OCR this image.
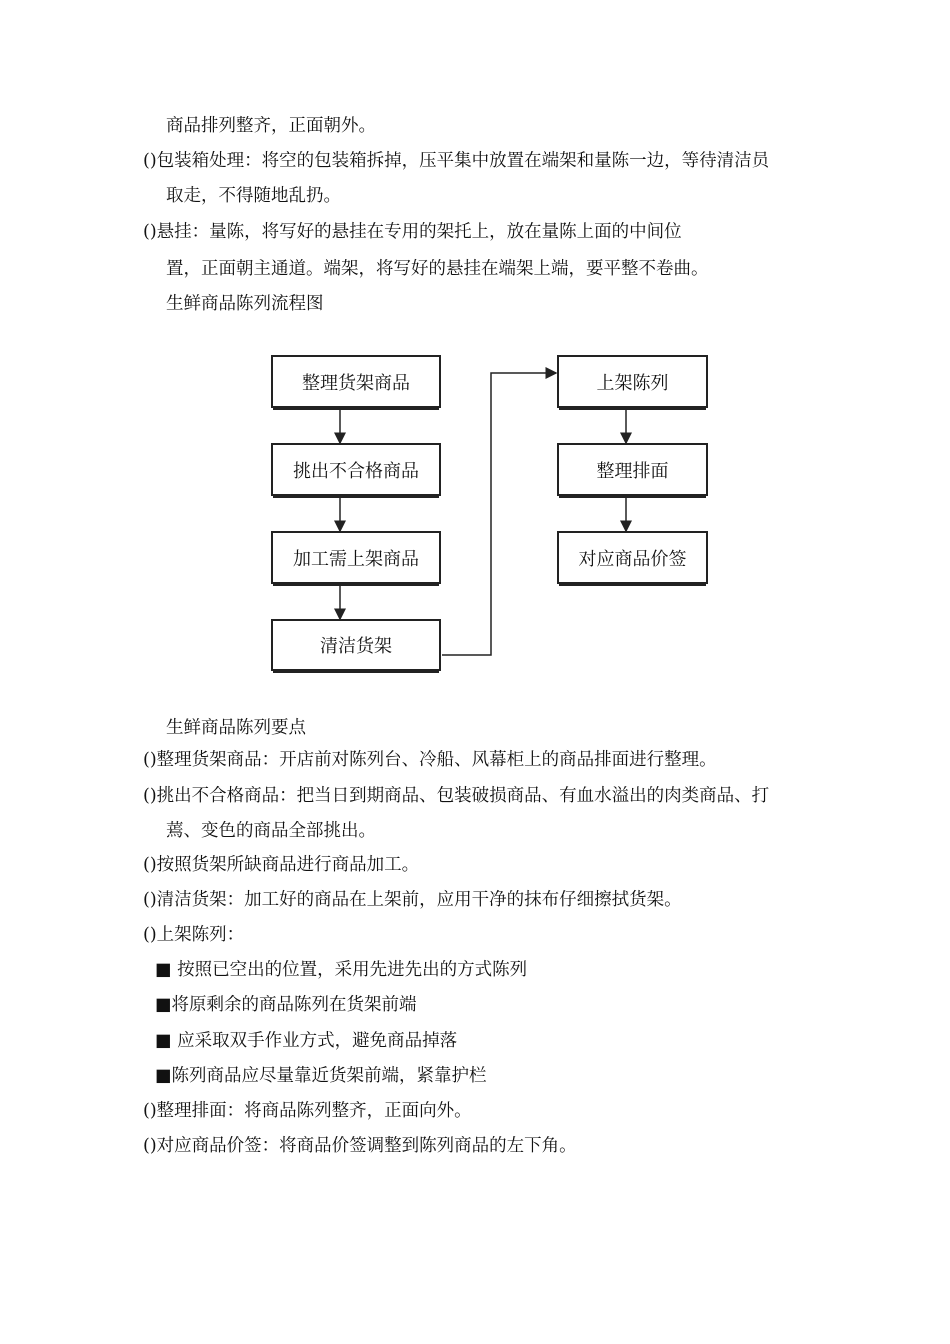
商品排列整齐，正面朝外。
()包装箱处理：将空的包装箱拆掉，压平集中放置在端架和量陈一边，等待清洁员
取走，不得随地乱扔。
()悬挂：量陈，将写好的悬挂在专用的架托上，放在量陈上面的中间位
置，正面朝主通道。端架，将写好的悬挂在端架上端，要平整不卷曲。
生鲜商品陈列流程图
整理货架商品
挑出不合格商品
加工需上架商品
清洁货架
上架陈列
整理排面
对应商品价签
生鲜商品陈列要点
()整理货架商品：开店前对陈列台、冷船、风幕柜上的商品排面进行整理。
()挑出不合格商品：把当日到期商品、包装破损商品、有血水溢出的肉类商品、打
蔫、变色的商品全部挑出。
()按照货架所缺商品进行商品加工。
()清洁货架：加工好的商品在上架前，应用干净的抹布仔细擦拭货架。
()上架陈列：
■ 按照已空出的位置，采用先进先出的方式陈列
■将原剩余的商品陈列在货架前端
■ 应采取双手作业方式，避免商品掉落
■陈列商品应尽量靠近货架前端，紧靠护栏
()整理排面：将商品陈列整齐，正面向外。
()对应商品价签：将商品价签调整到陈列商品的左下角。
